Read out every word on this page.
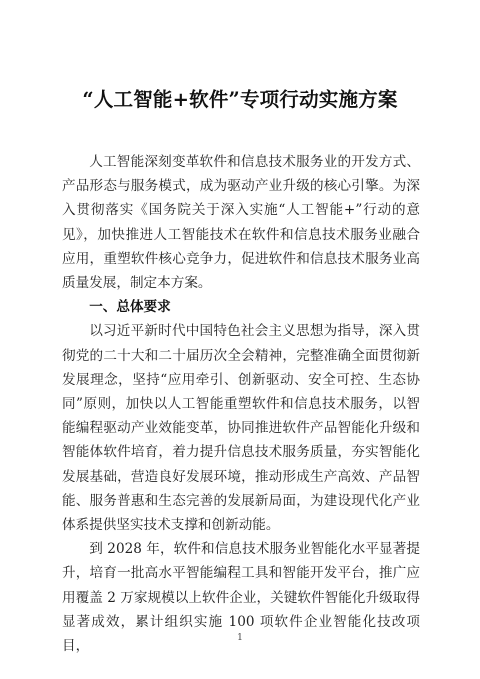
“人工智能+软件”专项行动实施方案

人工智能深刻变革软件和信息技术服务业的开发方式、产品形态与服务模式，成为驱动产业升级的核心引擎。为深入贯彻落实《国务院关于深入实施“人工智能+”行动的意见》，加快推进人工智能技术在软件和信息技术服务业融合应用，重塑软件核心竞争力，促进软件和信息技术服务业高质量发展，制定本方案。

一、总体要求

以习近平新时代中国特色社会主义思想为指导，深入贯彻党的二十大和二十届历次全会精神，完整准确全面贯彻新发展理念，坚持“应用牵引、创新驱动、安全可控、生态协同”原则，加快以人工智能重塑软件和信息技术服务，以智能编程驱动产业效能变革，协同推进软件产品智能化升级和智能体软件培育，着力提升信息技术服务质量，夯实智能化发展基础，营造良好发展环境，推动形成生产高效、产品智能、服务普惠和生态完善的发展新局面，为建设现代化产业体系提供坚实技术支撑和创新动能。

到 2028 年，软件和信息技术服务业智能化水平显著提升，培育一批高水平智能编程工具和智能开发平台，推广应用覆盖 2 万家规模以上软件企业，关键软件智能化升级取得显著成效，累计组织实施 100 项软件企业智能化技改项目，

1
